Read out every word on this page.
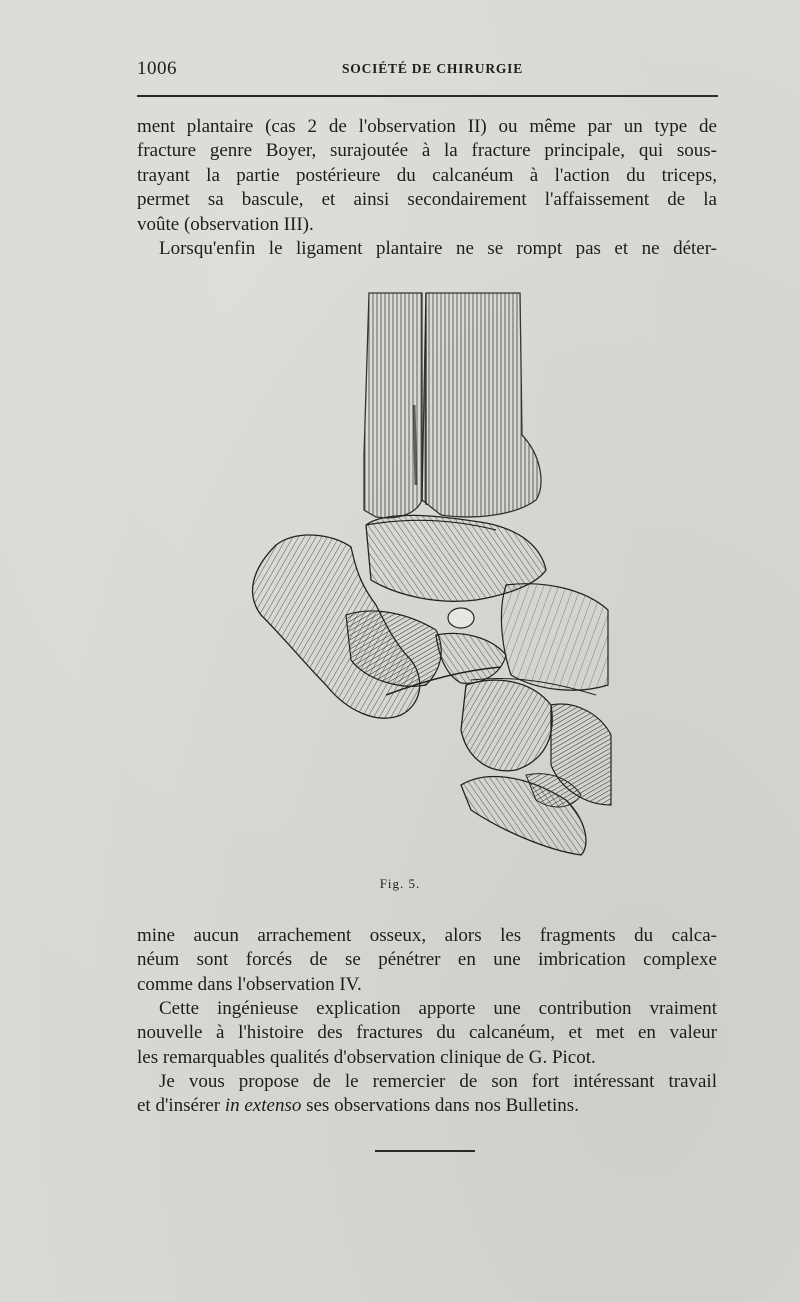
1006	SOCIÉTÉ DE CHIRURGIE
ment plantaire (cas 2 de l'observation II) ou même par un type de
fracture genre Boyer, surajoutée à la fracture principale, qui sous-
trayant la partie postérieure du calcanéum à l'action du triceps,
permet sa bascule, et ainsi secondairement l'affaissement de la
voûte (observation III).
Lorsqu'enfin le ligament plantaire ne se rompt pas et ne déter-
Fig. 5.
mine aucun arrachement osseux, alors les fragments du calca-
néum sont forcés de se pénétrer en une imbrication complexe
comme dans l'observation IV.
Cette ingénieuse explication apporte une contribution vraiment
nouvelle à l'histoire des fractures du calcanéum, et met en valeur
les remarquables qualités d'observation clinique de G. Picot.
Je vous propose de le remercier de son fort intéressant travail
et d'insérer in extenso ses observations dans nos Bulletins.
